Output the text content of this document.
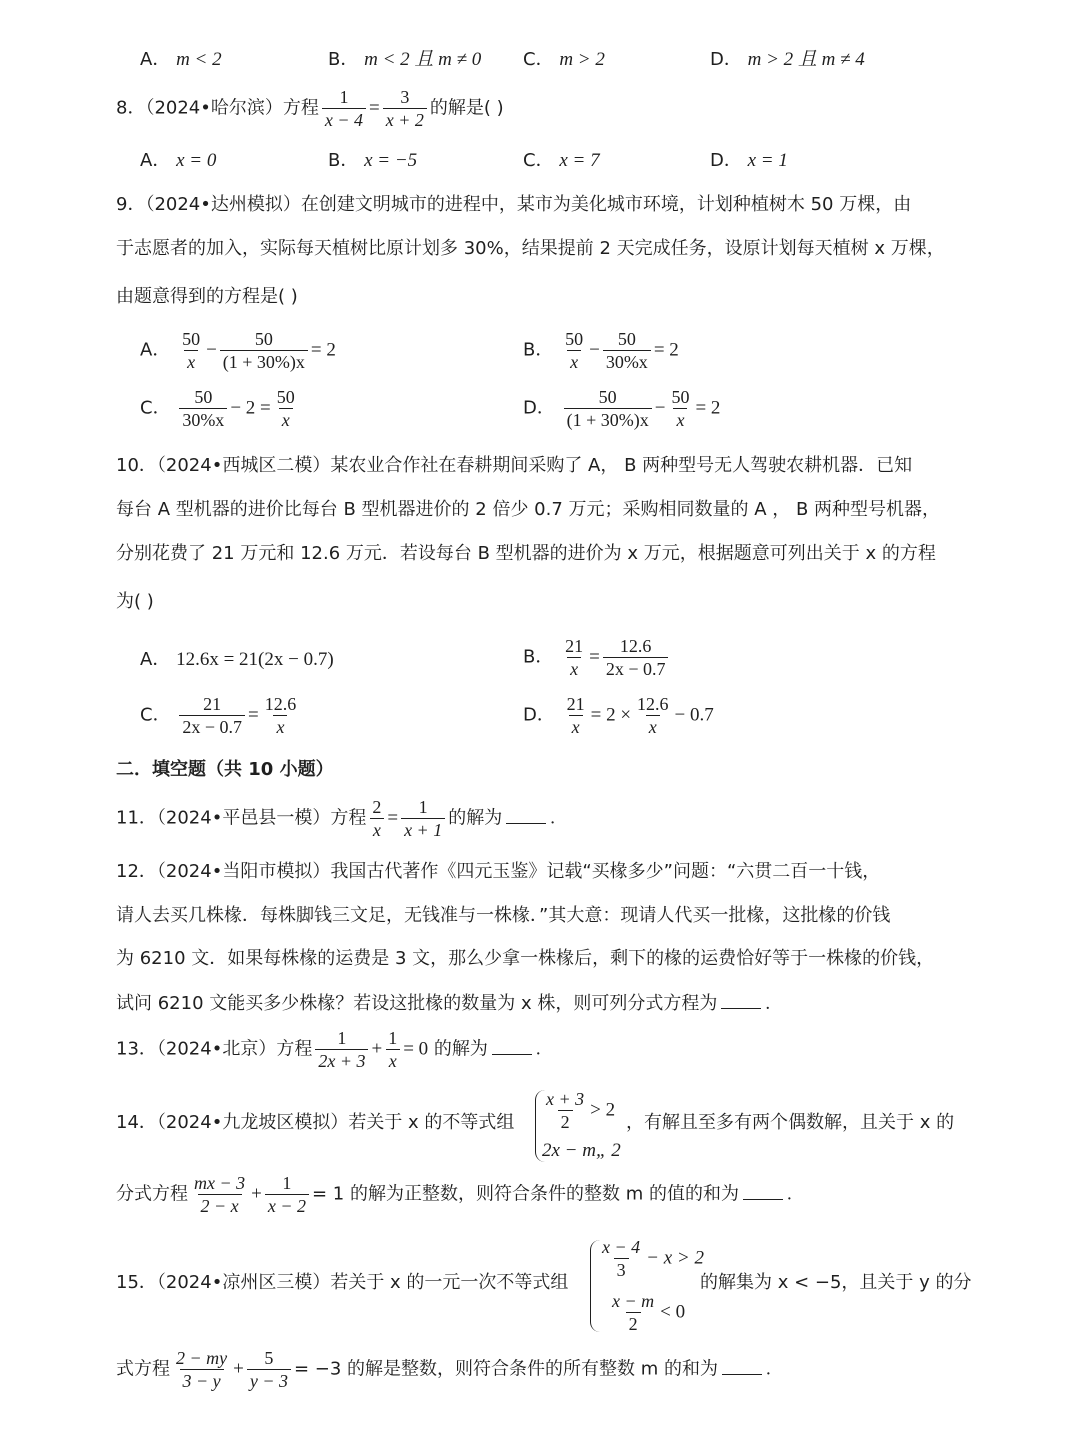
A． m < 2	B． m < 2 且 m ≠ 0 C． m > 2	D． m > 2 且 m ≠ 4
8．（2024•哈尔滨）方程 $\frac{1}{x - 4} = \frac{3}{x + 2}$ 的解是( )
A． x = 0	B． x = −5	C． x = 7	D． x = 1
9．（2024•达州模拟）在创建文明城市的进程中，某市为美化城市环境，计划种植树木 50 万棵，由
于志愿者的加入，实际每天植树比原计划多 30%，结果提前 2 天完成任务，设原计划每天植树 x 万棵，
由题意得到的方程是( )
A． $\frac{50}{x} - \frac{50}{(1 + 30\%)x} = 2$	B． $\frac{50}{x} - \frac{50}{30\%x} = 2$
C． $\frac{50}{30\%x} - 2 = \frac{50}{x}$	D． $\frac{50}{(1 + 30\%)x} - \frac{50}{x} = 2$
10．（2024•西城区二模）某农业合作社在春耕期间采购了 A， B 两种型号无人驾驶农耕机器．已知
每台 A 型机器的进价比每台 B 型机器进价的 2 倍少 0.7 万元；采购相同数量的 A ， B 两种型号机器，
分别花费了 21 万元和 12.6 万元．若设每台 B 型机器的进价为 x 万元，根据题意可列出关于 x 的方程
为( )
A． 12.6x = 21(2x − 0.7)	B． $\frac{21}{x} = \frac{12.6}{2x - 0.7}$
C． $\frac{21}{2x - 0.7} = \frac{12.6}{x}$	D． $\frac{21}{x} = 2 \times \frac{12.6}{x} - 0.7$
二．填空题（共 10 小题）
11．（2024•平邑县一模）方程 $\frac{2}{x} = \frac{1}{x + 1}$ 的解为	.
12．（2024•当阳市模拟）我国古代著作《四元玉鉴》记载“买椽多少”问题：“六贯二百一十钱，
请人去买几株椽．每株脚钱三文足，无钱准与一株椽．”其大意：现请人代买一批椽，这批椽的价钱
为 6210 文．如果每株椽的运费是 3 文，那么少拿一株椽后，剩下的椽的运费恰好等于一株椽的价钱，
试问 6210 文能买多少株椽？若设这批椽的数量为 x 株，则可列分式方程为	.
13．（2024•北京）方程 $\frac{1}{2x + 3} + \frac{1}{x} = 0$ 的解为	.
14．（2024•九龙坡区模拟）若关于 x 的不等式组 $\frac{x + 3}{2} > 2$
2x − m„ 2
，有解且至多有两个偶数解，且关于 x 的
分式方程 $\frac{mx - 3}{2 - x} + \frac{1}{x - 2} = 1$ 的解为正整数，则符合条件的整数 m 的值的和为	.
15．（2024•凉州区三模）若关于 x 的一元一次不等式组
$\frac{x - 4}{3} - x > 2$
$\frac{x - m}{2} < 0$
的解集为 x < −5，且关于 y 的分
式方程 $\frac{2 - my}{3 - y} + \frac{5}{y - 3} = -3$ 的解是整数，则符合条件的所有整数 m 的和为	.
